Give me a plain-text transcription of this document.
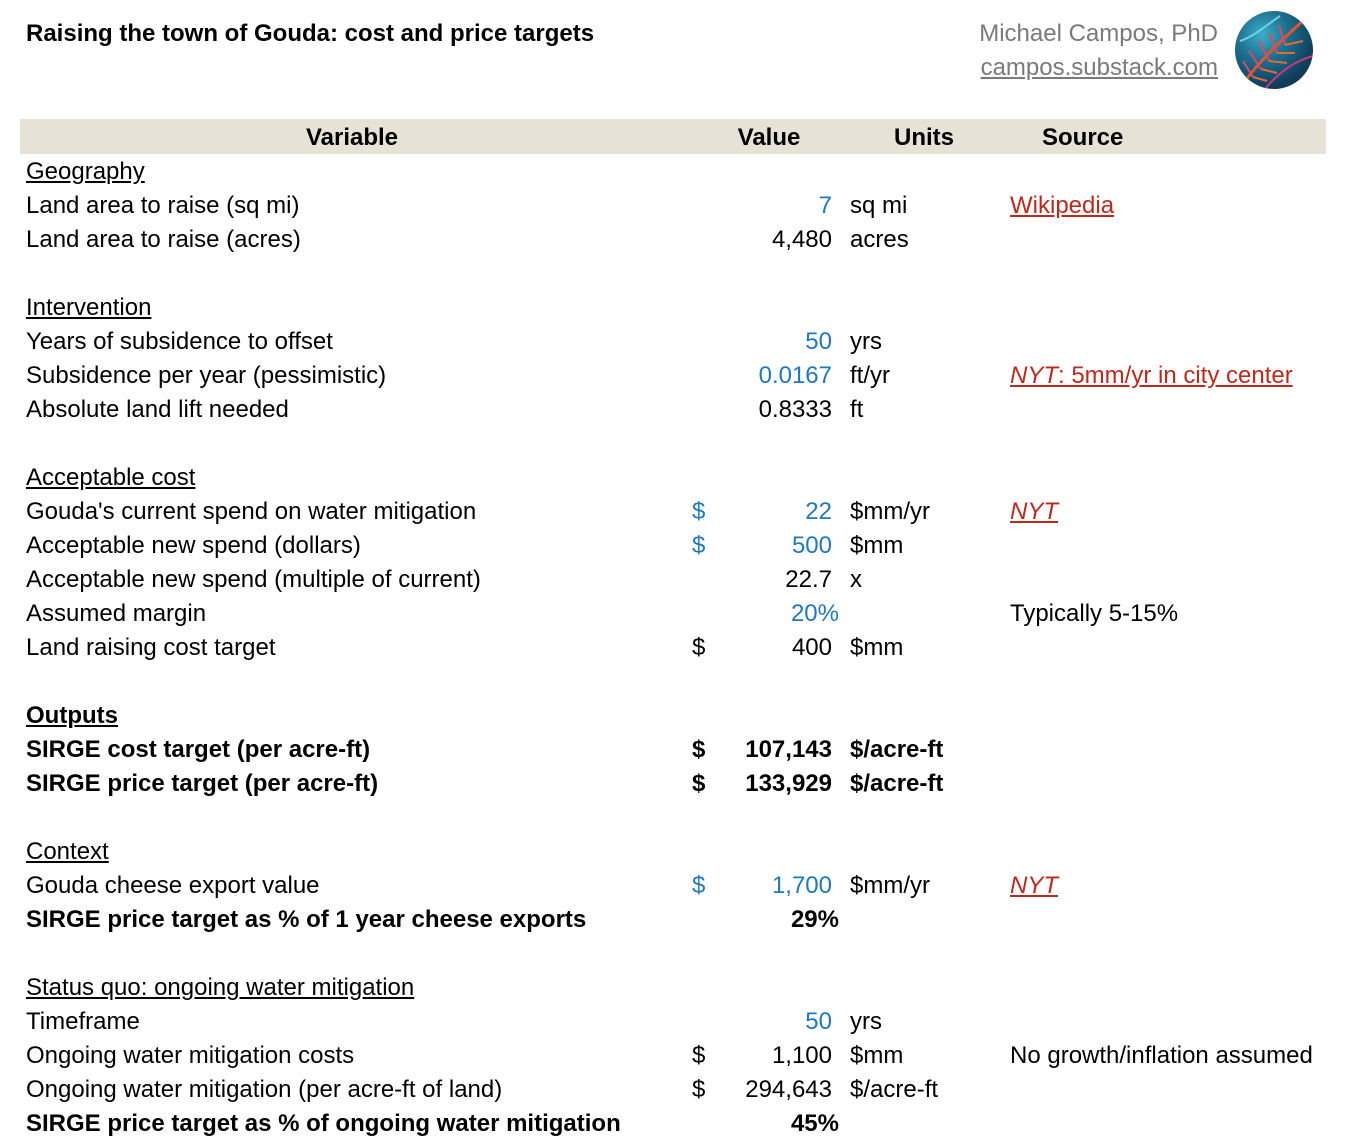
Raising the town of Gouda: cost and price targets	Michael Campos, PhD
campos.substack.com
Variable	Value	Units	Source
Geography
Land area to raise (sq mi)	7 sq mi	Wikipedia
Land area to raise (acres)	4,480 acres
Intervention
Years of subsidence to offset	50 yrs
Subsidence per year (pessimistic)	0.0167 ft/yr	NYT: 5mm/yr in city center
Absolute land lift needed	0.8333 ft
Acceptable cost
Gouda's current spend on water mitigation	$	22 $mm/yr	NYT
Acceptable new spend (dollars)	$	500 $mm
Acceptable new spend (multiple of current)	22.7 x
Assumed margin	20%	Typically 5-15%
Land raising cost target	$	400 $mm
Outputs
SIRGE cost target (per acre-ft)	$ 107,143 $/acre-ft
SIRGE price target (per acre-ft)	$ 133,929 $/acre-ft
Context
Gouda cheese export value	$	1,700 $mm/yr	NYT
SIRGE price target as % of 1 year cheese exports	29%
Status quo: ongoing water mitigation
Timeframe	50 yrs
Ongoing water mitigation costs	$	1,100 $mm	No growth/inflation assumed
Ongoing water mitigation (per acre-ft of land)	$ 294,643 $/acre-ft
SIRGE price target as % of ongoing water mitigation	45%
